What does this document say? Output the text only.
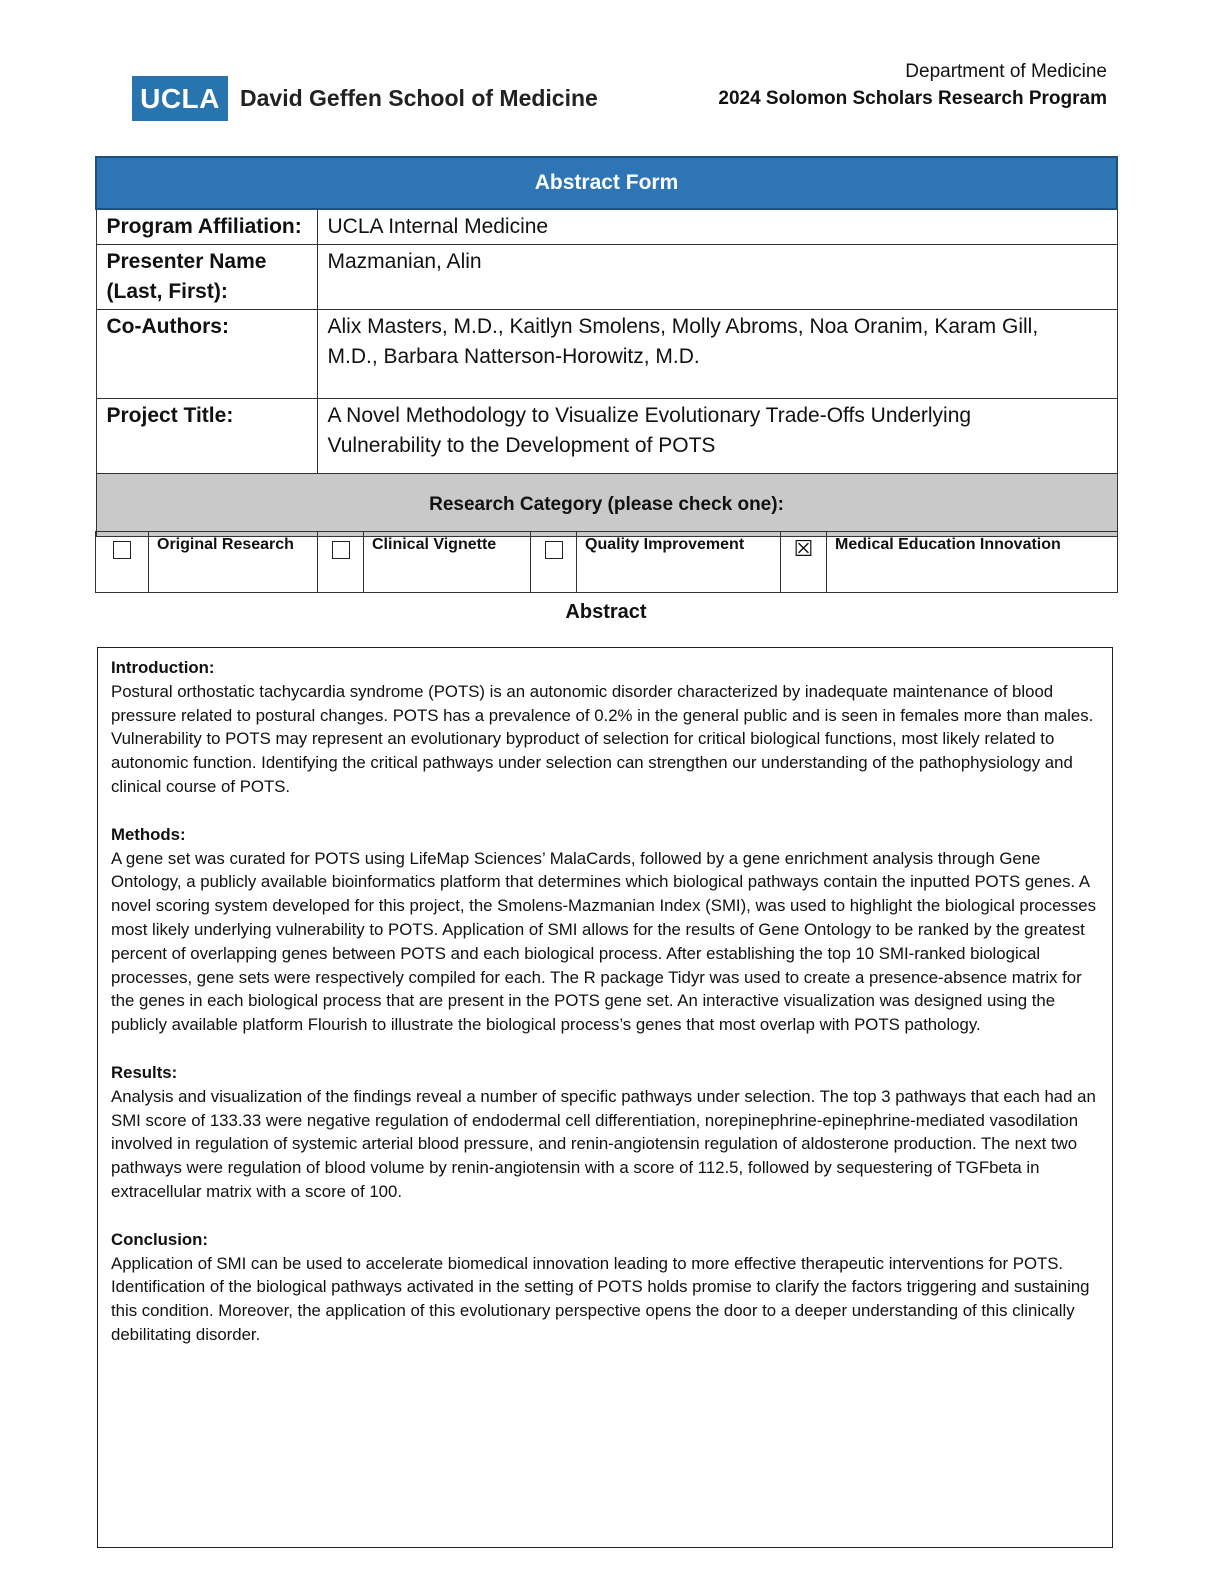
UCLA David Geffen School of Medicine
Department of Medicine
2024 Solomon Scholars Research Program
Abstract Form	
Program Affiliation:	UCLA Internal Medicine
Presenter Name (Last, First):	Mazmanian, Alin
Co-Authors:	Alix Masters, M.D., Kaitlyn Smolens, Molly Abroms, Noa Oranim, Karam Gill, M.D., Barbara Natterson-Horowitz, M.D.
Project Title:	A Novel Methodology to Visualize Evolutionary Trade-Offs Underlying Vulnerability to the Development of POTS
Research Category (please check one):	
	Original Research		Clinical Vignette		Quality Improvement	☒	Medical Education Innovation
Abstract
Introduction:
Postural orthostatic tachycardia syndrome (POTS) is an autonomic disorder characterized by inadequate maintenance of blood pressure related to postural changes. POTS has a prevalence of 0.2% in the general public and is seen in females more than males. Vulnerability to POTS may represent an evolutionary byproduct of selection for critical biological functions, most likely related to autonomic function. Identifying the critical pathways under selection can strengthen our understanding of the pathophysiology and clinical course of POTS.
Methods:
A gene set was curated for POTS using LifeMap Sciences’ MalaCards, followed by a gene enrichment analysis through Gene Ontology, a publicly available bioinformatics platform that determines which biological pathways contain the inputted POTS genes. A novel scoring system developed for this project, the Smolens-Mazmanian Index (SMI), was used to highlight the biological processes most likely underlying vulnerability to POTS. Application of SMI allows for the results of Gene Ontology to be ranked by the greatest percent of overlapping genes between POTS and each biological process. After establishing the top 10 SMI-ranked biological processes, gene sets were respectively compiled for each. The R package Tidyr was used to create a presence-absence matrix for the genes in each biological process that are present in the POTS gene set. An interactive visualization was designed using the publicly available platform Flourish to illustrate the biological process’s genes that most overlap with POTS pathology.
Results:
Analysis and visualization of the findings reveal a number of specific pathways under selection. The top 3 pathways that each had an SMI score of 133.33 were negative regulation of endodermal cell differentiation, norepinephrine-epinephrine-mediated vasodilation involved in regulation of systemic arterial blood pressure, and renin-angiotensin regulation of aldosterone production. The next two pathways were regulation of blood volume by renin-angiotensin with a score of 112.5, followed by sequestering of TGFbeta in extracellular matrix with a score of 100.
Conclusion:
Application of SMI can be used to accelerate biomedical innovation leading to more effective therapeutic interventions for POTS. Identification of the biological pathways activated in the setting of POTS holds promise to clarify the factors triggering and sustaining this condition. Moreover, the application of this evolutionary perspective opens the door to a deeper understanding of this clinically debilitating disorder.
